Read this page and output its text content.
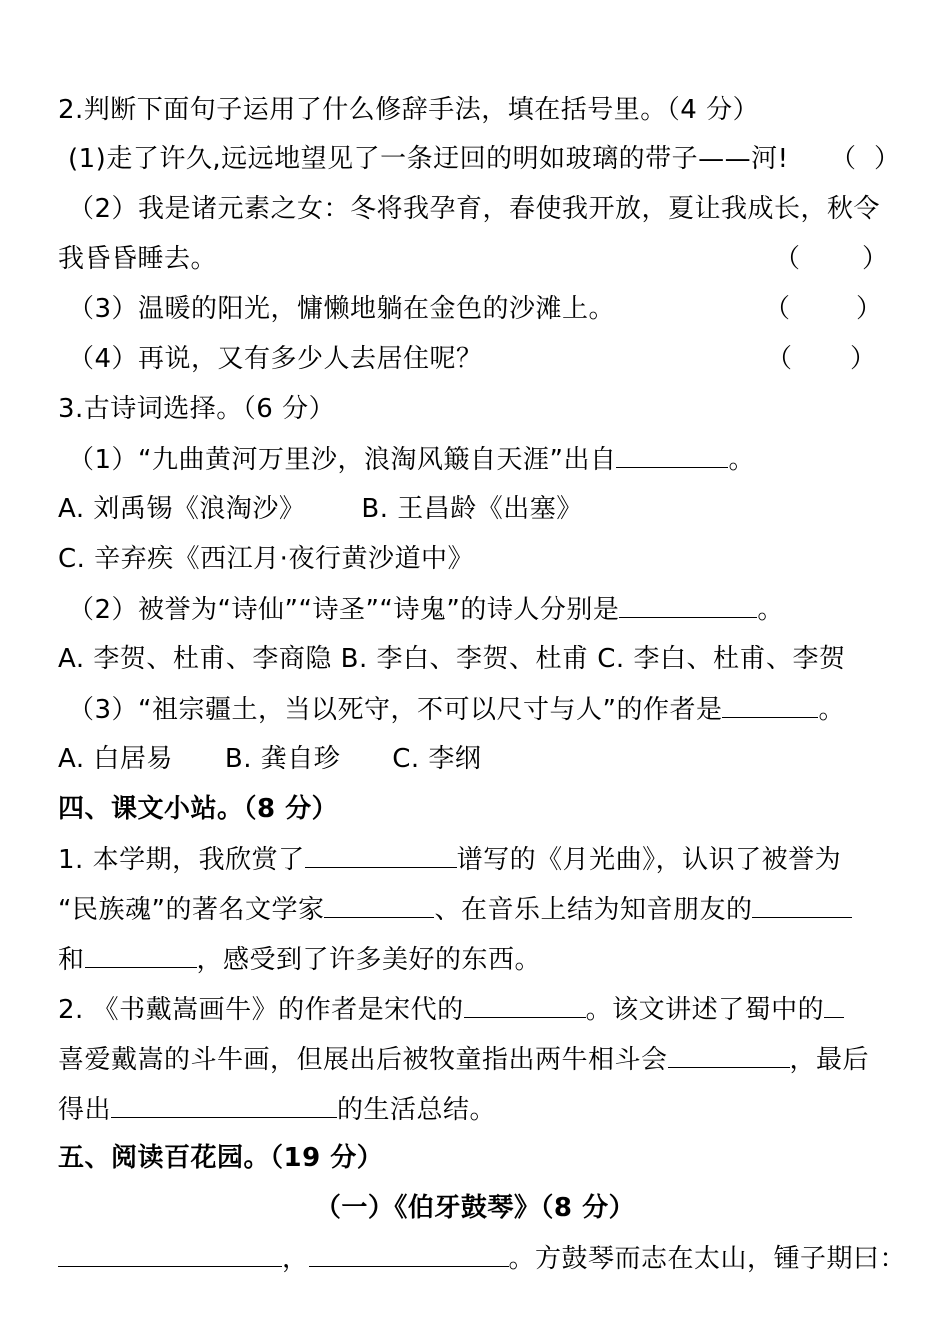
2.判断下面句子运用了什么修辞手法，填在括号里。（4 分）
(1)走了许久,远远地望见了一条迂回的明如玻璃的带子——河!	（ ）
（2）我是诸元素之女：冬将我孕育，春使我开放，夏让我成长，秋令
我昏昏睡去。	（ ）
（3）温暖的阳光，慵懒地躺在金色的沙滩上。	（	）
（4）再说，又有多少人去居住呢？	（ ）
3.古诗词选择。（6 分）
（1）“九曲黄河万里沙，浪淘风簸自天涯”出自	。
A. 刘禹锡《浪淘沙》 B. 王昌龄《出塞》
C. 辛弃疾《西江月·夜行黄沙道中》
（2）被誉为“诗仙”“诗圣”“诗鬼”的诗人分别是	。
A. 李贺、杜甫、李商隐 B. 李白、李贺、杜甫 C. 李白、杜甫、李贺
（3）“祖宗疆土，当以死守，不可以尺寸与人”的作者是	。
A. 白居易 B. 龚自珍 C. 李纲
四、课文小站。（8 分）
1. 本学期，我欣赏了	谱写的《月光曲》，认识了被誉为
“民族魂”的著名文学家	、在音乐上结为知音朋友的
和	，感受到了许多美好的东西。
2. 《书戴嵩画牛》的作者是宋代的	。该文讲述了蜀中的
喜爱戴嵩的斗牛画，但展出后被牧童指出两牛相斗会	，最后
得出	的生活总结。
五、阅读百花园。（19 分）
（一）《伯牙鼓琴》（8 分）
，	。方鼓琴而志在太山，锺子期曰：
